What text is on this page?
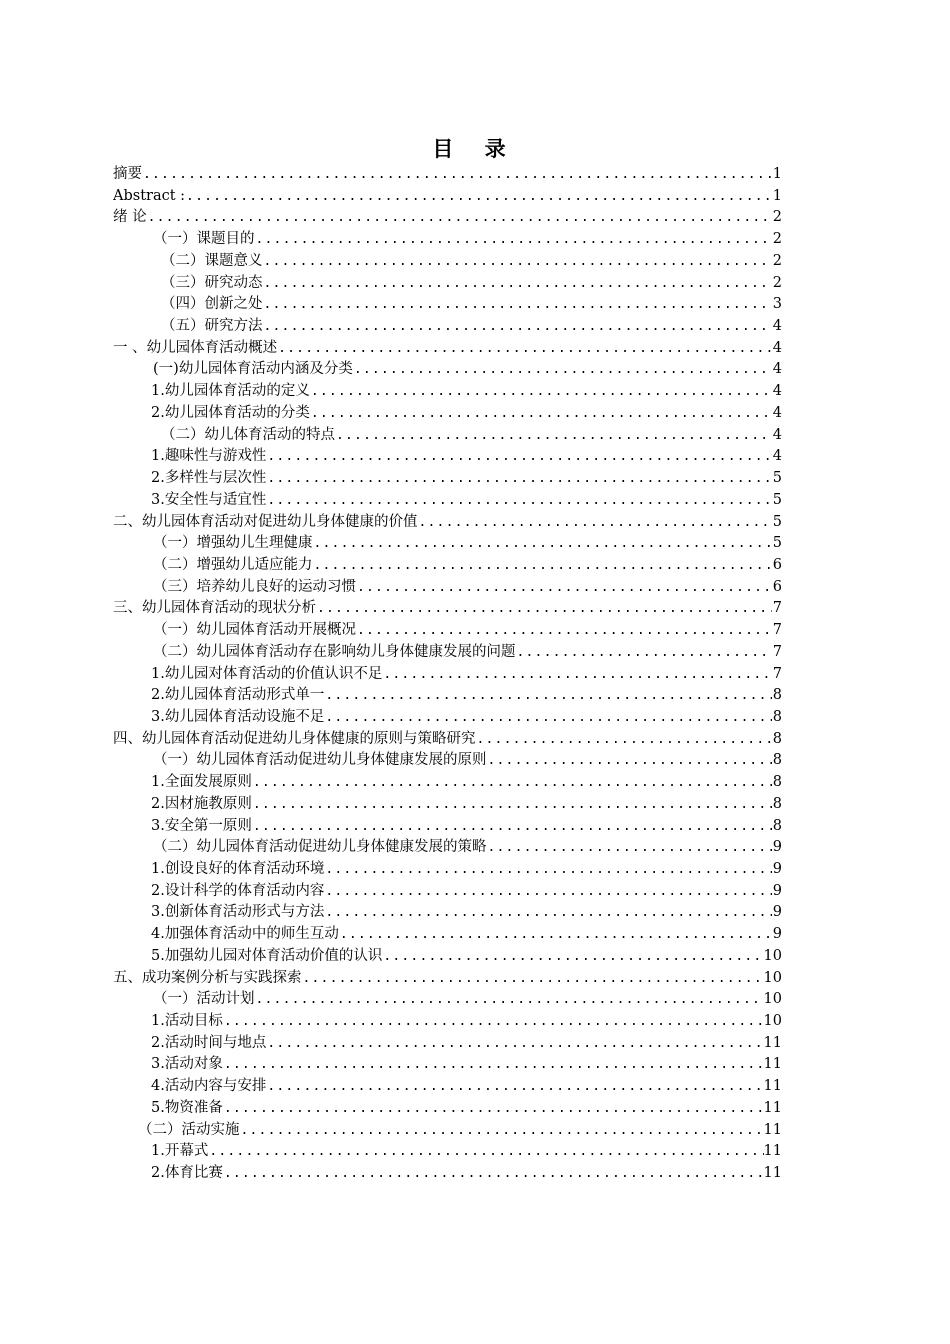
目 录
摘要 .....	1
Abstract : .....	1
绪 论 .....	2
（一）课题目的 .....	2
（二）课题意义 .....	2
（三）研究动态 .....	2
（四）创新之处 .....	3
（五）研究方法 .....	4
一 、幼儿园体育活动概述 .....	4
(一)幼儿园体育活动内涵及分类 .....	4
1.幼儿园体育活动的定义 .....	4
2.幼儿园体育活动的分类 .....	4
（二）幼儿体育活动的特点 .....	4
1.趣味性与游戏性 .....	4
2.多样性与层次性 .....	5
3.安全性与适宜性 .....	5
二、幼儿园体育活动对促进幼儿身体健康的价值 .....	5
（一）增强幼儿生理健康 .....	5
（二）增强幼儿适应能力 .....	6
（三）培养幼儿良好的运动习惯 .....	6
三、幼儿园体育活动的现状分析 .....	7
（一）幼儿园体育活动开展概况 .....	7
（二）幼儿园体育活动存在影响幼儿身体健康发展的问题 .....	7
1.幼儿园对体育活动的价值认识不足 .....	7
2.幼儿园体育活动形式单一 .....	8
3.幼儿园体育活动设施不足 .....	8
四、幼儿园体育活动促进幼儿身体健康的原则与策略研究 .....	8
（一）幼儿园体育活动促进幼儿身体健康发展的原则 .....	8
1.全面发展原则 .....	8
2.因材施教原则 .....	8
3.安全第一原则 .....	8
（二）幼儿园体育活动促进幼儿身体健康发展的策略 .....	9
1.创设良好的体育活动环境 .....	9
2.设计科学的体育活动内容 .....	9
3.创新体育活动形式与方法 .....	9
4.加强体育活动中的师生互动 .....	9
5.加强幼儿园对体育活动价值的认识 .....	10
五、成功案例分析与实践探索 .....	10
（一）活动计划 .....	10
1.活动目标 .....	10
2.活动时间与地点 .....	11
3.活动对象 .....	11
4.活动内容与安排 .....	11
5.物资准备 .....	11
（二）活动实施 .....	11
1.开幕式 .....	11
2.体育比赛 .....	11
